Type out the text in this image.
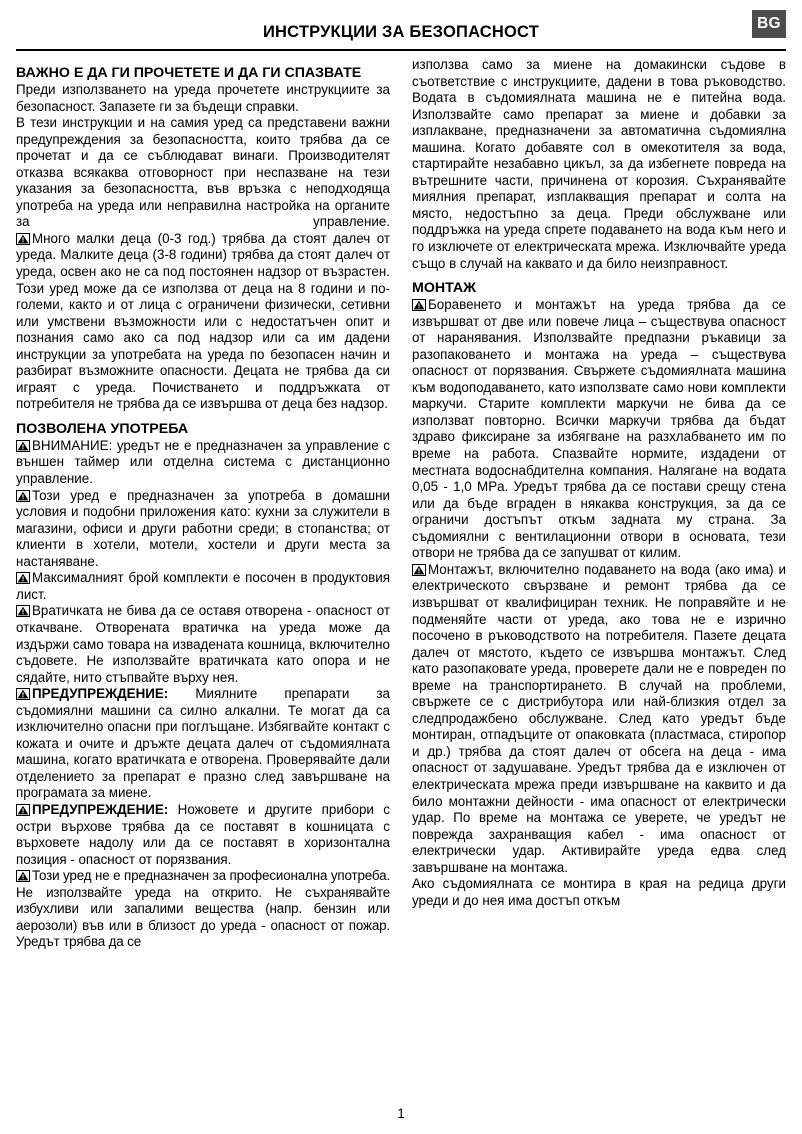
ИНСТРУКЦИИ ЗА БЕЗОПАСНОСТ	BG
ВАЖНО Е ДА ГИ ПРОЧЕТЕТЕ И ДА ГИ СПАЗВАТЕ

Преди използването на уреда прочетете инструкциите за безопасност. Запазете ги за бъдещи справки.

В тези инструкции и на самия уред са представени важни предупреждения за безопасността, които трябва да се прочетат и да се съблюдават винаги. Производителят отказва всякаква отговорност при неспазване на тези указания за безопасността, във връзка с неподходяща употреба на уреда или неправилна настройка на органите за управление.

Много малки деца (0-3 год.) трябва да стоят далеч от уреда. Малките деца (3-8 години) трябва да стоят далеч от уреда, освен ако не са под постоянен надзор от възрастен. Този уред може да се използва от деца на 8 години и по-големи, както и от лица с ограничени физически, сетивни или умствени възможности или с недостатъчен опит и познания само ако са под надзор или са им дадени инструкции за употребата на уреда по безопасен начин и разбират възможните опасности. Децата не трябва да си играят с уреда. Почистването и поддръжката от потребителя не трябва да се извършва от деца без надзор.

ПОЗВОЛЕНА УПОТРЕБА

ВНИМАНИЕ: уредът не е предназначен за управление с външен таймер или отделна система с дистанционно управление.

Този уред е предназначен за употреба в домашни условия и подобни приложения като: кухни за служители в магазини, офиси и други работни среди; в стопанства; от клиенти в хотели, мотели, хостели и други места за настаняване.

Максималният брой комплекти е посочен в продуктовия лист.

Вратичката не бива да се оставя отворена - опасност от откачване. Отворената вратичка на уреда може да издържи само товара на извадената кошница, включително съдовете. Не използвайте вратичката като опора и не сядайте, нито стъпвайте върху нея.

ПРЕДУПРЕЖДЕНИЕ: Миялните препарати за съдомиялни машини са силно алкални. Те могат да са изключително опасни при поглъщане. Избягвайте контакт с кожата и очите и дръжте децата далеч от съдомиялната машина, когато вратичката е отворена. Проверявайте дали отделението за препарат е празно след завършване на програмата за миене.

ПРЕДУПРЕЖДЕНИЕ: Ножовете и другите прибори с остри върхове трябва да се поставят в кошницата с върховете надолу или да се поставят в хоризонтална позиция - опасност от порязвания.

Този уред не е предназначен за професионална употреба. Не използвайте уреда на открито. Не съхранявайте избухливи или запалими вещества (напр. бензин или аерозоли) във или в близост до уреда - опасност от пожар. Уредът трябва да се

използва само за миене на домакински съдове в съответствие с инструкциите, дадени в това ръководство. Водата в съдомиялната машина не е питейна вода. Използвайте само препарат за миене и добавки за изплакване, предназначени за автоматична съдомиялна машина. Когато добавяте сол в омекотителя за вода, стартирайте незабавно цикъл, за да избегнете повреда на вътрешните части, причинена от корозия. Съхранявайте миялния препарат, изплакващия препарат и солта на място, недостъпно за деца. Преди обслужване или поддръжка на уреда спрете подаването на вода към него и го изключете от електрическата мрежа. Изключвайте уреда също в случай на каквато и да било неизправност.

МОНТАЖ

Боравенето и монтажът на уреда трябва да се извършват от две или повече лица – съществува опасност от наранявания. Използвайте предпазни ръкавици за разопаковането и монтажа на уреда – съществува опасност от порязвания. Свържете съдомиялната машина към водоподаването, като използвате само нови комплекти маркучи. Старите комплекти маркучи не бива да се използват повторно. Всички маркучи трябва да бъдат здраво фиксиране за избягване на разхлабването им по време на работа. Спазвайте нормите, издадени от местната водоснабдителна компания. Налягане на водата 0,05 - 1,0 MPa. Уредът трябва да се постави срещу стена или да бъде вграден в някаква конструкция, за да се ограничи достъпът откъм задната му страна. За съдомиялни с вентилационни отвори в основата, тези отвори не трябва да се запушват от килим.

Монтажът, включително подаването на вода (ако има) и електрическото свързване и ремонт трябва да се извършват от квалифициран техник. Не поправяйте и не подменяйте части от уреда, ако това не е изрично посочено в ръководството на потребителя. Пазете децата далеч от мястото, където се извършва монтажът. След като разопаковате уреда, проверете дали не е повреден по време на транспортирането. В случай на проблеми, свържете се с дистрибутора или най-близкия отдел за следпродажбено обслужване. След като уредът бъде монтиран, отпадъците от опаковката (пластмаса, стиропор и др.) трябва да стоят далеч от обсега на деца - има опасност от задушаване. Уредът трябва да е изключен от електрическата мрежа преди извършване на каквито и да било монтажни дейности - има опасност от електрически удар. По време на монтажа се уверете, че уредът не поврежда захранващия кабел - има опасност от електрически удар. Активирайте уреда едва след завършване на монтажа.

Ако съдомиялната се монтира в края на редица други уреди и до нея има достъп откъм

1
